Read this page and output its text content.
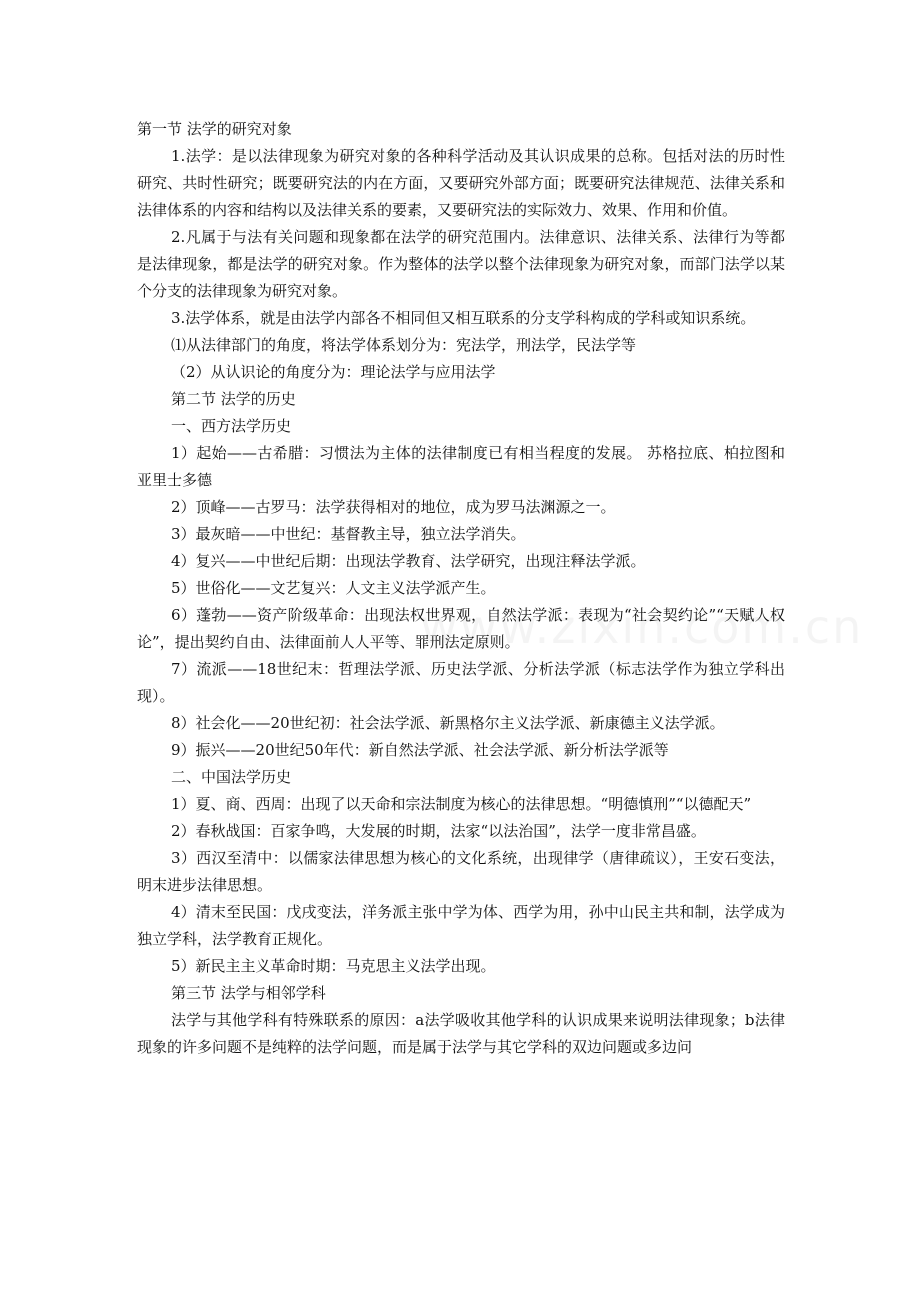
第一节 法学的研究对象

1.法学：是以法律现象为研究对象的各种科学活动及其认识成果的总称。包括对法的历时性研究、共时性研究；既要研究法的内在方面，又要研究外部方面；既要研究法律规范、法律关系和法律体系的内容和结构以及法律关系的要素，又要研究法的实际效力、效果、作用和价值。

2.凡属于与法有关问题和现象都在法学的研究范围内。法律意识、法律关系、法律行为等都是法律现象，都是法学的研究对象。作为整体的法学以整个法律现象为研究对象，而部门法学以某个分支的法律现象为研究对象。

3.法学体系，就是由法学内部各不相同但又相互联系的分支学科构成的学科或知识系统。

⑴从法律部门的角度，将法学体系划分为：宪法学，刑法学，民法学等

（2）从认识论的角度分为：理论法学与应用法学

第二节 法学的历史

一、西方法学历史

1）起始——古希腊：习惯法为主体的法律制度已有相当程度的发展。 苏格拉底、柏拉图和亚里士多德

2）顶峰——古罗马：法学获得相对的地位，成为罗马法渊源之一。

3）最灰暗——中世纪：基督教主导，独立法学消失。

4）复兴——中世纪后期：出现法学教育、法学研究，出现注释法学派。

5）世俗化——文艺复兴：人文主义法学派产生。

6）蓬勃——资产阶级革命：出现法权世界观，自然法学派：表现为“社会契约论”“天赋人权论”，提出契约自由、法律面前人人平等、罪刑法定原则。

7）流派——18世纪末：哲理法学派、历史法学派、分析法学派（标志法学作为独立学科出现）。

8）社会化——20世纪初：社会法学派、新黑格尔主义法学派、新康德主义法学派。

9）振兴——20世纪50年代：新自然法学派、社会法学派、新分析法学派等

二、中国法学历史

1）夏、商、西周：出现了以天命和宗法制度为核心的法律思想。“明德慎刑”“以德配天”

2）春秋战国：百家争鸣，大发展的时期，法家“以法治国”，法学一度非常昌盛。

3）西汉至清中：以儒家法律思想为核心的文化系统，出现律学（唐律疏议），王安石变法，明末进步法律思想。

4）清末至民国：戊戌变法，洋务派主张中学为体、西学为用，孙中山民主共和制，法学成为独立学科，法学教育正规化。

5）新民主主义革命时期：马克思主义法学出现。

第三节 法学与相邻学科

法学与其他学科有特殊联系的原因：a法学吸收其他学科的认识成果来说明法律现象；b法律现象的许多问题不是纯粹的法学问题，而是属于法学与其它学科的双边问题或多边问
